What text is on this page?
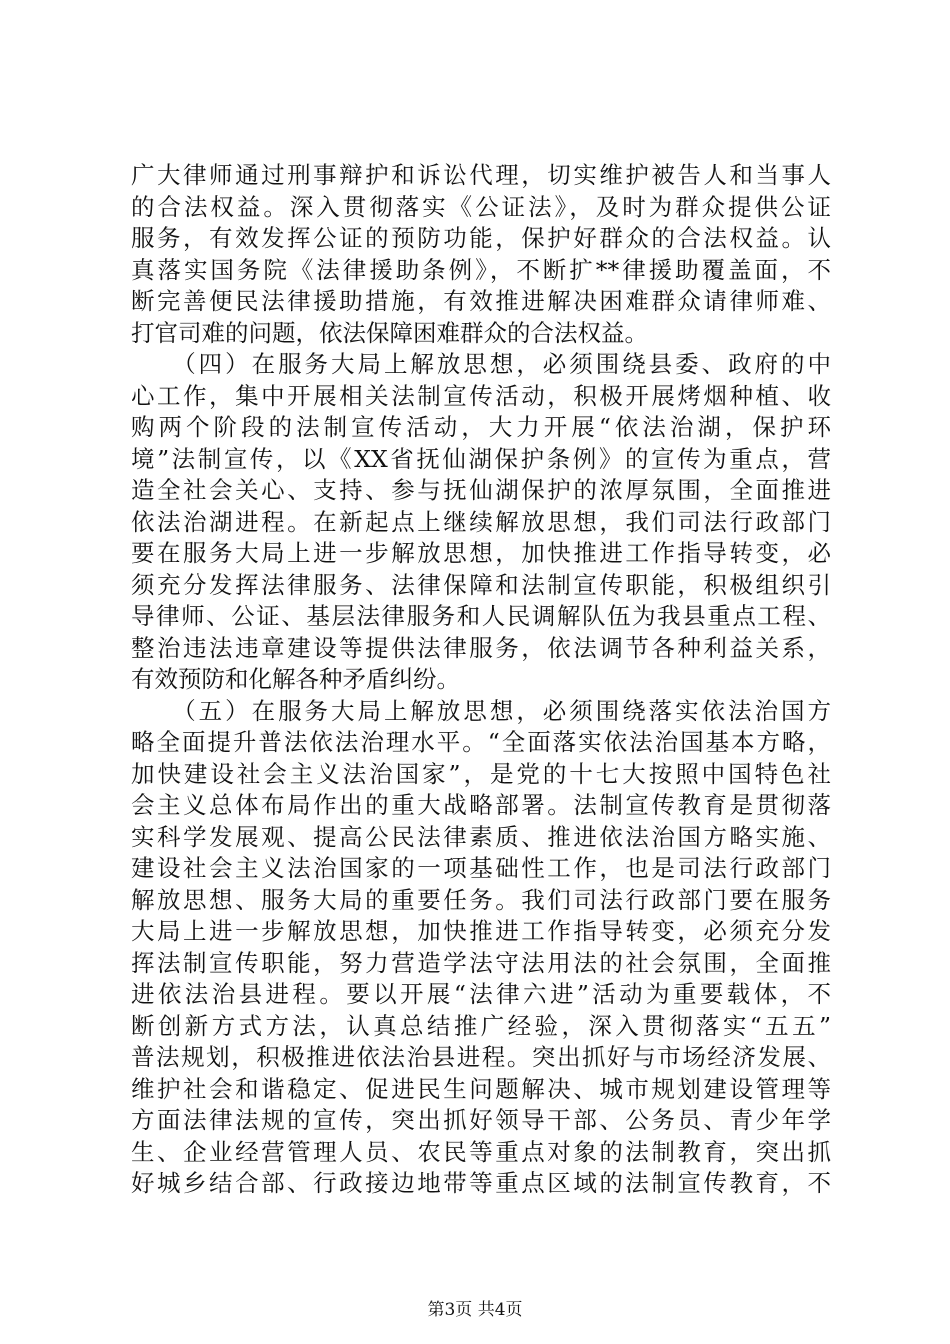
广大律师通过刑事辩护和诉讼代理，切实维护被告人和当事人
的合法权益。深入贯彻落实《公证法》，及时为群众提供公证
服务，有效发挥公证的预防功能，保护好群众的合法权益。认
真落实国务院《法律援助条例》，不断扩**律援助覆盖面，不
断完善便民法律援助措施，有效推进解决困难群众请律师难、
打官司难的问题，依法保障困难群众的合法权益。
　　（四）在服务大局上解放思想，必须围绕县委、政府的中
心工作，集中开展相关法制宣传活动，积极开展烤烟种植、收
购两个阶段的法制宣传活动，大力开展“依法治湖，保护环
境”法制宣传，以《XX省抚仙湖保护条例》的宣传为重点，营
造全社会关心、支持、参与抚仙湖保护的浓厚氛围，全面推进
依法治湖进程。在新起点上继续解放思想，我们司法行政部门
要在服务大局上进一步解放思想，加快推进工作指导转变，必
须充分发挥法律服务、法律保障和法制宣传职能，积极组织引
导律师、公证、基层法律服务和人民调解队伍为我县重点工程、
整治违法违章建设等提供法律服务，依法调节各种利益关系，
有效预防和化解各种矛盾纠纷。
　　（五）在服务大局上解放思想，必须围绕落实依法治国方
略全面提升普法依法治理水平。“全面落实依法治国基本方略，
加快建设社会主义法治国家”，是党的十七大按照中国特色社
会主义总体布局作出的重大战略部署。法制宣传教育是贯彻落
实科学发展观、提高公民法律素质、推进依法治国方略实施、
建设社会主义法治国家的一项基础性工作，也是司法行政部门
解放思想、服务大局的重要任务。我们司法行政部门要在服务
大局上进一步解放思想，加快推进工作指导转变，必须充分发
挥法制宣传职能，努力营造学法守法用法的社会氛围，全面推
进依法治县进程。要以开展“法律六进”活动为重要载体，不
断创新方式方法，认真总结推广经验，深入贯彻落实“五五”
普法规划，积极推进依法治县进程。突出抓好与市场经济发展、
维护社会和谐稳定、促进民生问题解决、城市规划建设管理等
方面法律法规的宣传，突出抓好领导干部、公务员、青少年学
生、企业经营管理人员、农民等重点对象的法制教育，突出抓
好城乡结合部、行政接边地带等重点区域的法制宣传教育，不
第3页 共4页
